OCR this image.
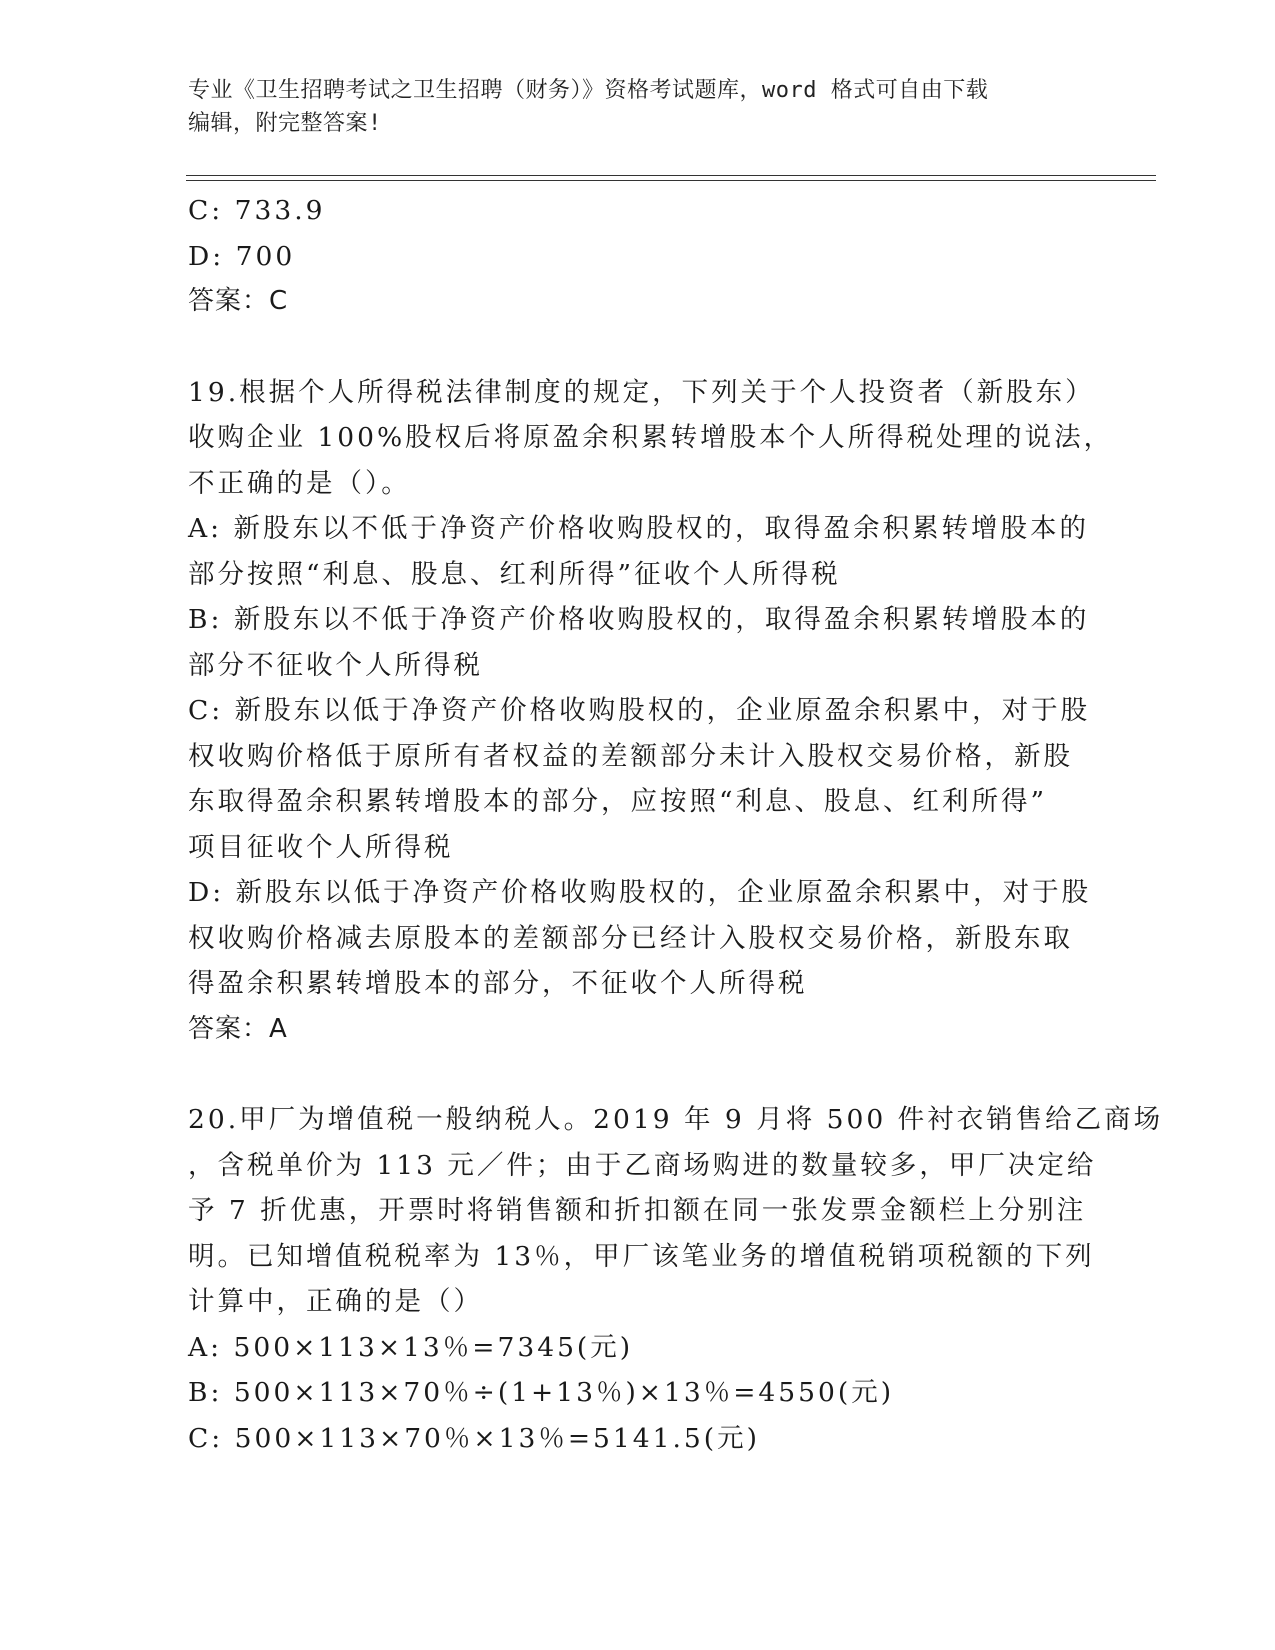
专业《卫生招聘考试之卫生招聘（财务）》资格考试题库，word 格式可自由下载
编辑，附完整答案!
C: 733.9
D: 700
答案：C
19.根据个人所得税法律制度的规定，下列关于个人投资者（新股东）
收购企业 100%股权后将原盈余积累转增股本个人所得税处理的说法，
不正确的是（）。
A: 新股东以不低于净资产价格收购股权的，取得盈余积累转增股本的
部分按照“利息、股息、红利所得”征收个人所得税
B: 新股东以不低于净资产价格收购股权的，取得盈余积累转增股本的
部分不征收个人所得税
C: 新股东以低于净资产价格收购股权的，企业原盈余积累中，对于股
权收购价格低于原所有者权益的差额部分未计入股权交易价格，新股
东取得盈余积累转增股本的部分，应按照“利息、股息、红利所得”
项目征收个人所得税
D: 新股东以低于净资产价格收购股权的，企业原盈余积累中，对于股
权收购价格减去原股本的差额部分已经计入股权交易价格，新股东取
得盈余积累转增股本的部分，不征收个人所得税
答案：A
20.甲厂为增值税一般纳税人。2019 年 9 月将 500 件衬衣销售给乙商场
，含税单价为 113 元／件；由于乙商场购进的数量较多，甲厂决定给
予 7 折优惠，开票时将销售额和折扣额在同一张发票金额栏上分别注
明。已知增值税税率为 13％，甲厂该笔业务的增值税销项税额的下列
计算中，正确的是（）
A: 500×113×13％=7345(元)
B: 500×113×70％÷(1+13％)×13％=4550(元)
C: 500×113×70％×13％=5141.5(元)
